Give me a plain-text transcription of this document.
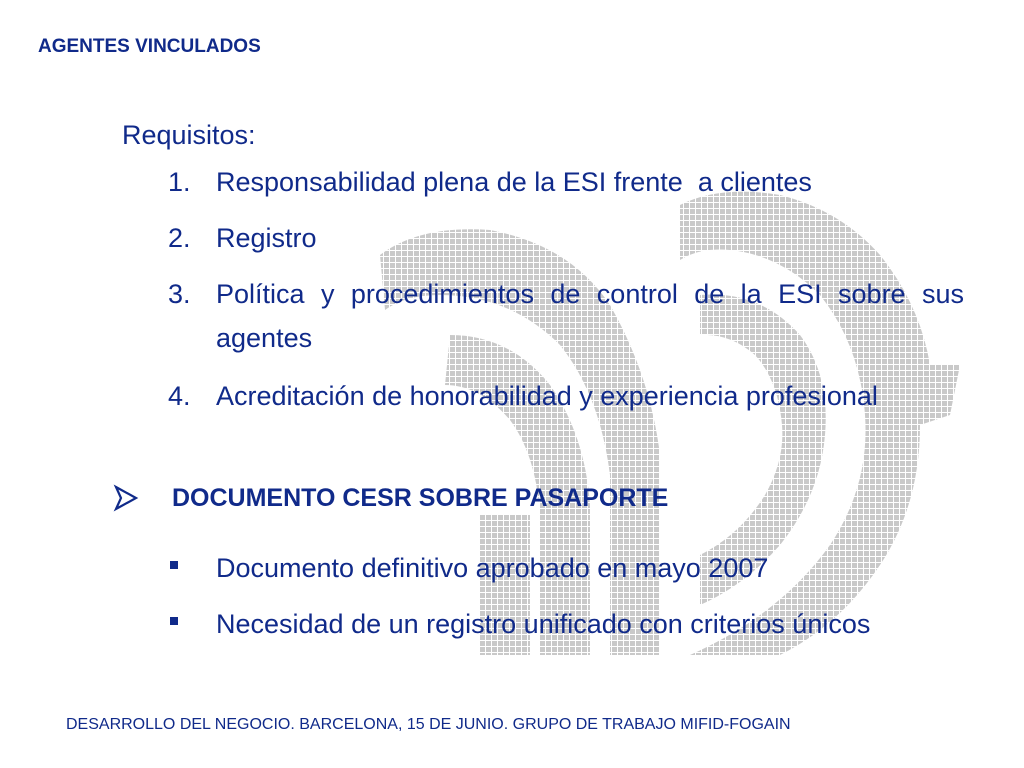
AGENTES VINCULADOS
Requisitos:
1. Responsabilidad plena de la ESI frente  a clientes
2. Registro
3. Política y procedimientos de control de la ESI sobre sus agentes
4. Acreditación de honorabilidad y experiencia profesional
DOCUMENTO CESR SOBRE PASAPORTE
Documento definitivo aprobado en mayo 2007
Necesidad de un registro unificado con criterios únicos
DESARROLLO DEL NEGOCIO. BARCELONA, 15 DE JUNIO. GRUPO DE TRABAJO MIFID-FOGAIN
